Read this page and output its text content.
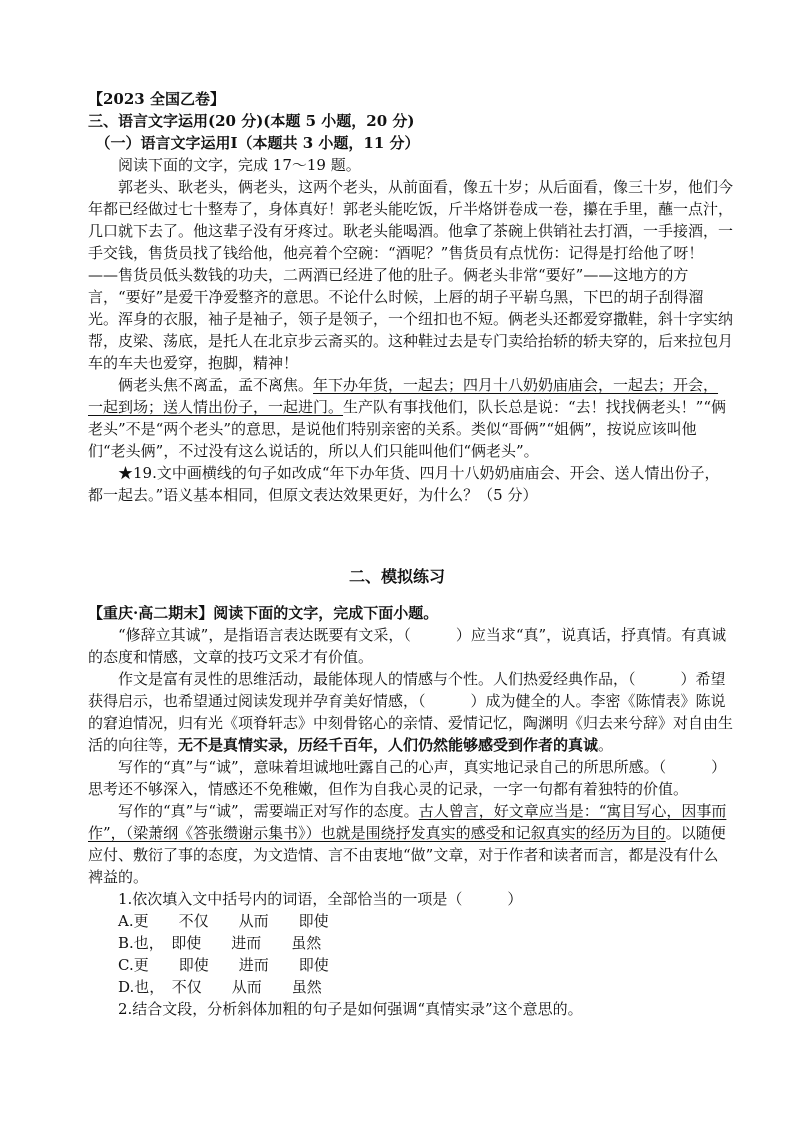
【2023 全国乙卷】

三、语言文字运用(20 分)(本题 5 小题，20 分)

（一）语言文字运用Ⅰ（本题共 3 小题，11 分）

阅读下面的文字，完成 17～19 题。

郭老头、耿老头，俩老头，这两个老头，从前面看，像五十岁；从后面看，像三十岁，他们今年都已经做过七十整寿了，身体真好！郭老头能吃饭，斤半烙饼卷成一卷，攥在手里，蘸一点汁，几口就下去了。他这辈子没有牙疼过。耿老头能喝酒。他拿了茶碗上供销社去打酒，一手接酒，一手交钱，售货员找了钱给他，他亮着个空碗：“酒呢？”售货员有点忧伤：记得是打给他了呀！——售货员低头数钱的功夫，二两酒已经进了他的肚子。俩老头非常“要好”——这地方的方言，“要好”是爱干净爱整齐的意思。不论什么时候，上唇的胡子平崭乌黑，下巴的胡子刮得溜光。浑身的衣服，袖子是袖子，领子是领子，一个纽扣也不短。俩老头还都爱穿撒鞋，斜十字实纳帮，皮梁、荡底，是托人在北京步云斋买的。这种鞋过去是专门卖给抬轿的轿夫穿的，后来拉包月车的车夫也爱穿，抱脚，精神！

俩老头焦不离孟，孟不离焦。年下办年货，一起去；四月十八奶奶庙庙会，一起去；开会，一起到场；送人情出份子，一起进门。生产队有事找他们，队长总是说：“去！找找俩老头！”“俩老头”不是“两个老头”的意思，是说他们特别亲密的关系。类似“哥俩”“姐俩”，按说应该叫他们“老头俩”，不过没有这么说话的，所以人们只能叫他们“俩老头”。

★19.文中画横线的句子如改成“年下办年货、四月十八奶奶庙庙会、开会、送人情出份子，都一起去。”语义基本相同，但原文表达效果更好，为什么？（5 分）

二、模拟练习

【重庆·高二期末】阅读下面的文字，完成下面小题。

“修辞立其诚”，是指语言表达既要有文采，（　　　）应当求“真”，说真话，抒真情。有真诚的态度和情感，文章的技巧文采才有价值。

作文是富有灵性的思维活动，最能体现人的情感与个性。人们热爱经典作品，（　　　）希望获得启示，也希望通过阅读发现并孕育美好情感，（　　　）成为健全的人。李密《陈情表》陈说的窘迫情况，归有光《项脊轩志》中刻骨铭心的亲情、爱情记忆，陶渊明《归去来兮辞》对自由生活的向往等，无不是真情实录，历经千百年，人们仍然能够感受到作者的真诚。

写作的“真”与“诚”，意味着坦诚地吐露自己的心声，真实地记录自己的所思所感。（　　　）思考还不够深入，情感还不免稚嫩，但作为自我心灵的记录，一字一句都有着独特的价值。

写作的“真”与“诚”，需要端正对写作的态度。古人曾言，好文章应当是：“寓目写心，因事而作”，（梁萧纲《答张缵谢示集书》）也就是围绕抒发真实的感受和记叙真实的经历为目的。以随便应付、敷衍了事的态度，为文造情、言不由衷地“做”文章，对于作者和读者而言，都是没有什么裨益的。

1.依次填入文中括号内的词语，全部恰当的一项是（　　　）

A.更　　不仅　　从而　　即使

B.也，　即使　　进而　　虽然

C.更　　即使　　进而　　即使

D.也，　不仅　　从而　　虽然

2.结合文段，分析斜体加粗的句子是如何强调“真情实录”这个意思的。
